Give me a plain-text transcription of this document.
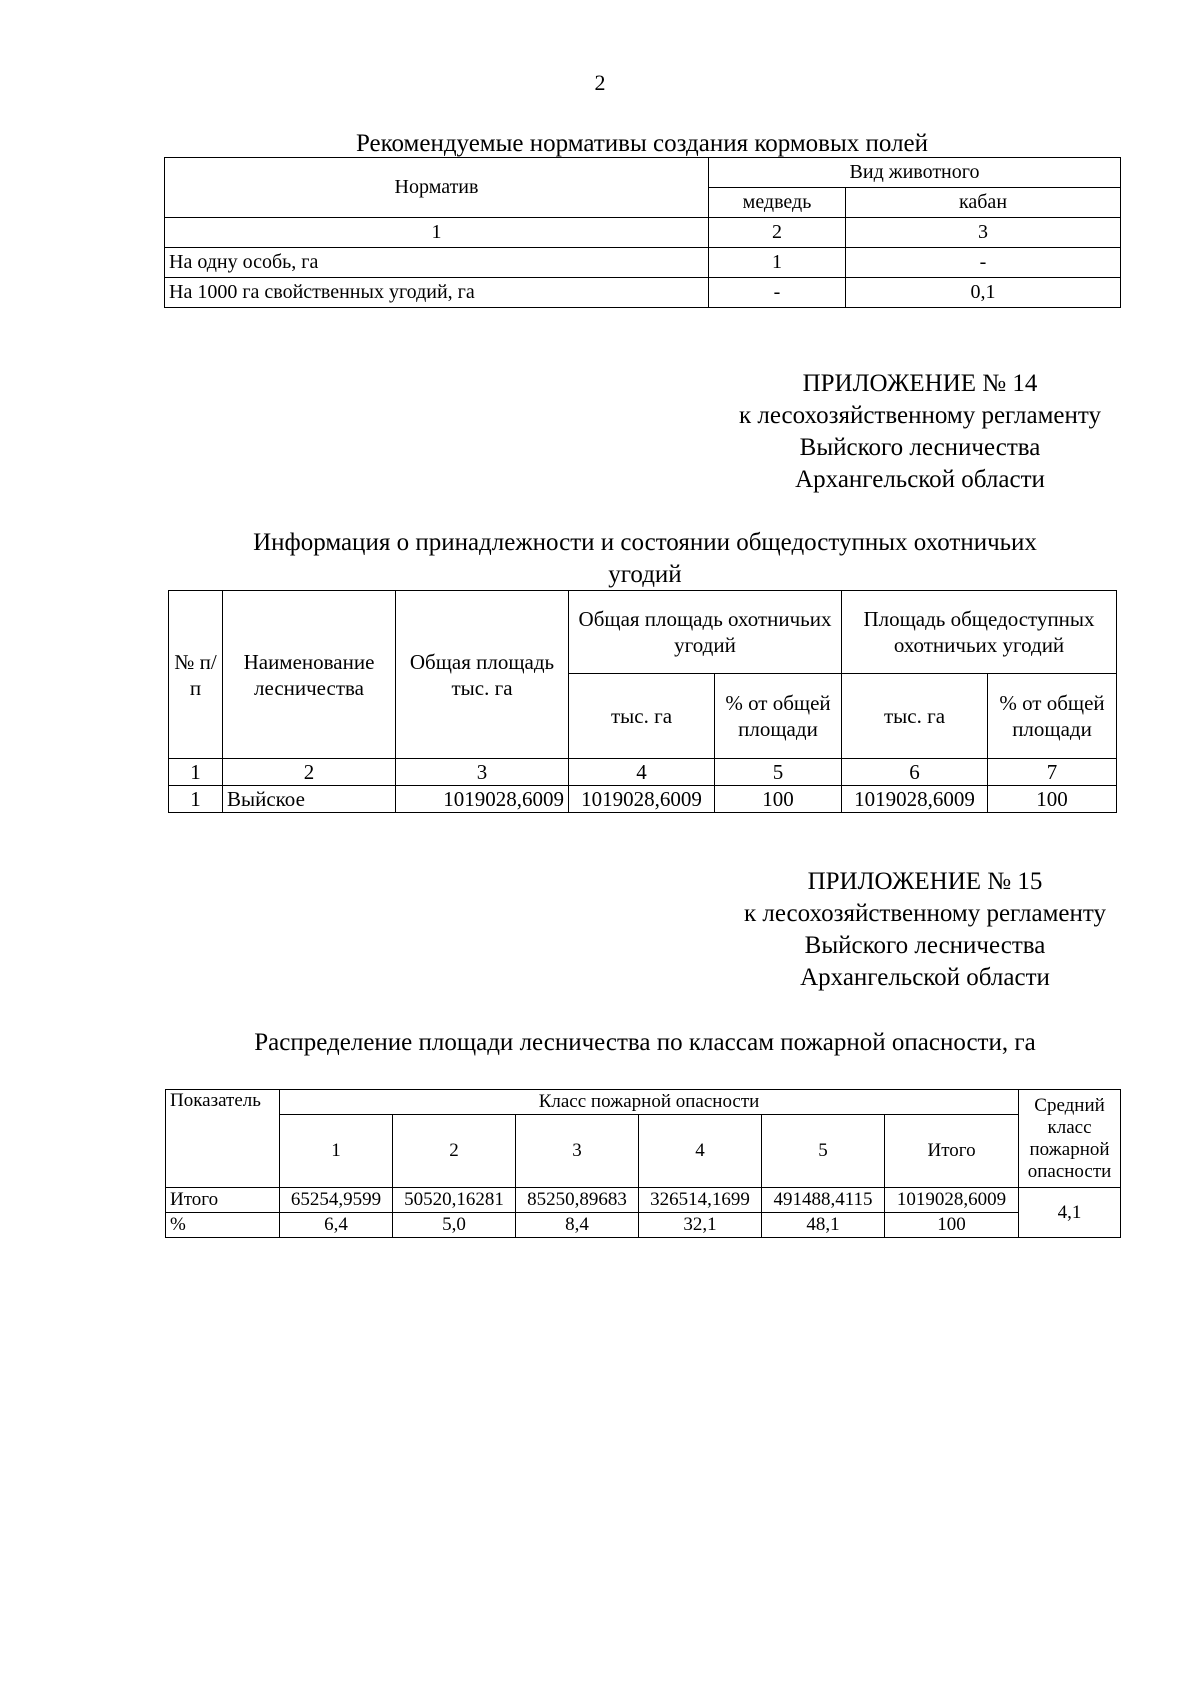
2
Рекомендуемые нормативы создания кормовых полей
Норматив	Вид животного	
	медведь	кабан
1	2	3
На одну особь, га	1	-
На 1000 га свойственных угодий, га	-	0,1
ПРИЛОЖЕНИЕ № 14
к лесохозяйственному регламенту
Выйского лесничества
Архангельской области
Информация о принадлежности и состоянии общедоступных охотничьих
угодий
№ п/п	Наименование лесничества	Общая площадь тыс. га	Общая площадь охотничьих угодий		Площадь общедоступных охотничьих угодий	
			тыс. га	% от общей площади	тыс. га	% от общей площади
1	2	3	4	5	6	7
1	Выйское	1019028,6009	1019028,6009	100	1019028,6009	100
ПРИЛОЖЕНИЕ № 15
к лесохозяйственному регламенту
Выйского лесничества
Архангельской области
Распределение площади лесничества по классам пожарной опасности, га
Показатель	Класс пожарной опасности						Средний класс пожарной опасности
	1	2	3	4	5	Итого	
Итого	65254,9599	50520,16281	85250,89683	326514,1699	491488,4115	1019028,6009	4,1
%	6,4	5,0	8,4	32,1	48,1	100	
